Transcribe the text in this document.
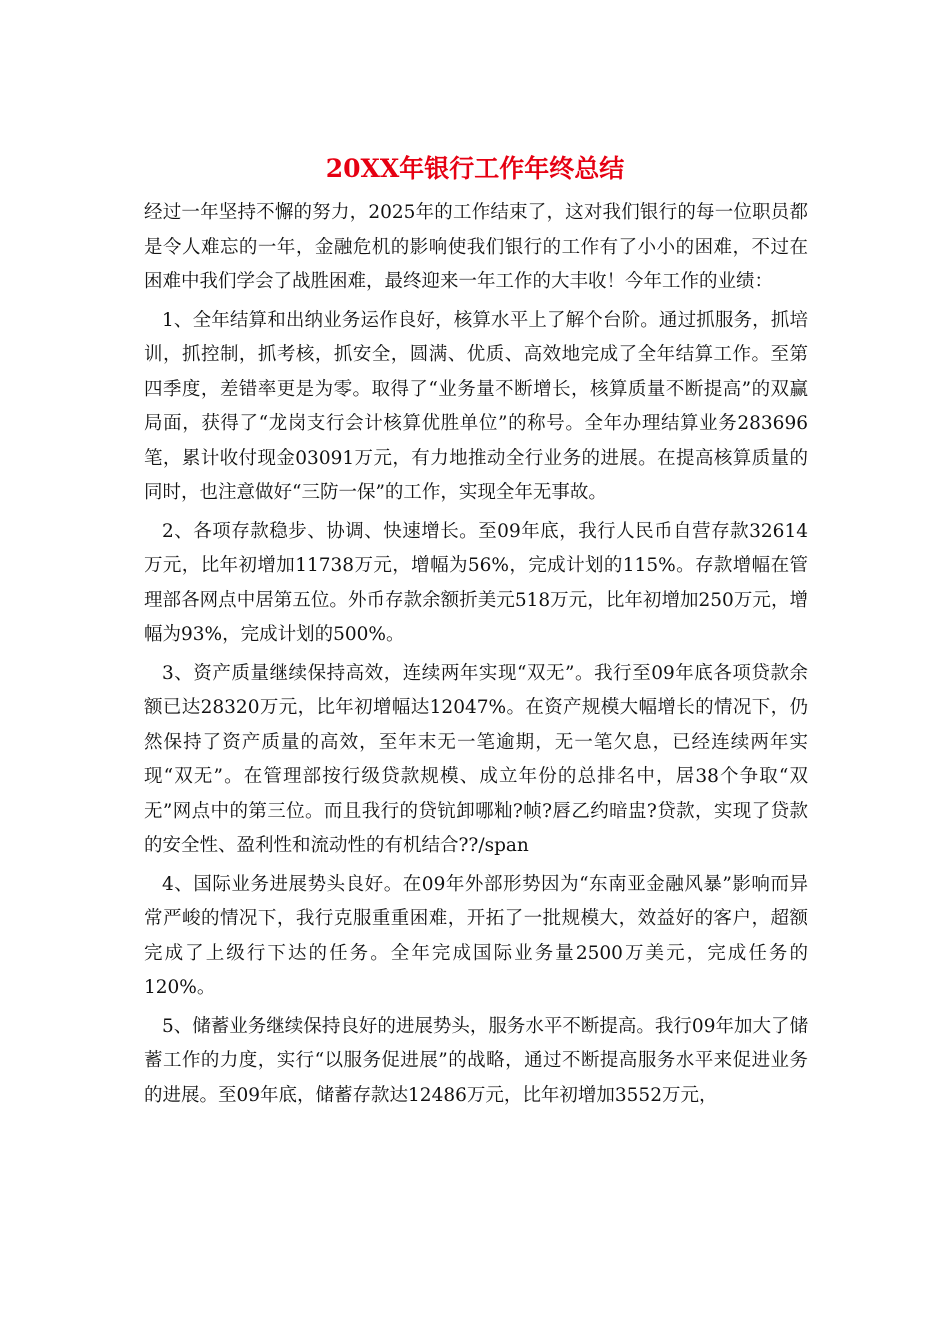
20XX年银行工作年终总结

经过一年坚持不懈的努力，2025年的工作结束了，这对我们银行的每一位职员都是令人难忘的一年，金融危机的影响使我们银行的工作有了小小的困难，不过在困难中我们学会了战胜困难，最终迎来一年工作的大丰收！今年工作的业绩：

1、全年结算和出纳业务运作良好，核算水平上了解个台阶。通过抓服务，抓培训，抓控制，抓考核，抓安全，圆满、优质、高效地完成了全年结算工作。至第四季度，差错率更是为零。取得了“业务量不断增长，核算质量不断提高”的双赢局面，获得了“龙岗支行会计核算优胜单位”的称号。全年办理结算业务283696笔，累计收付现金03091万元，有力地推动全行业务的进展。在提高核算质量的同时，也注意做好“三防一保”的工作，实现全年无事故。

2、各项存款稳步、协调、快速增长。至09年底，我行人民币自营存款32614万元，比年初增加11738万元，增幅为56%，完成计划的115%。存款增幅在管理部各网点中居第五位。外币存款余额折美元518万元，比年初增加250万元，增幅为93%，完成计划的500%。

3、资产质量继续保持高效，连续两年实现“双无”。我行至09年底各项贷款余额已达28320万元，比年初增幅达12047%。在资产规模大幅增长的情况下，仍然保持了资产质量的高效，至年末无一笔逾期，无一笔欠息，已经连续两年实现“双无”。在管理部按行级贷款规模、成立年份的总排名中，居38个争取“双无”网点中的第三位。而且我行的贷钪卸哪籼?帧?唇乙约暗盅?贷款，实现了贷款的安全性、盈利性和流动性的有机结合??/span

4、国际业务进展势头良好。在09年外部形势因为“东南亚金融风暴”影响而异常严峻的情况下，我行克服重重困难，开拓了一批规模大，效益好的客户，超额完成了上级行下达的任务。全年完成国际业务量2500万美元，完成任务的120%。

5、储蓄业务继续保持良好的进展势头，服务水平不断提高。我行09年加大了储蓄工作的力度，实行“以服务促进展”的战略，通过不断提高服务水平来促进业务的进展。至09年底，储蓄存款达12486万元，比年初增加3552万元，
